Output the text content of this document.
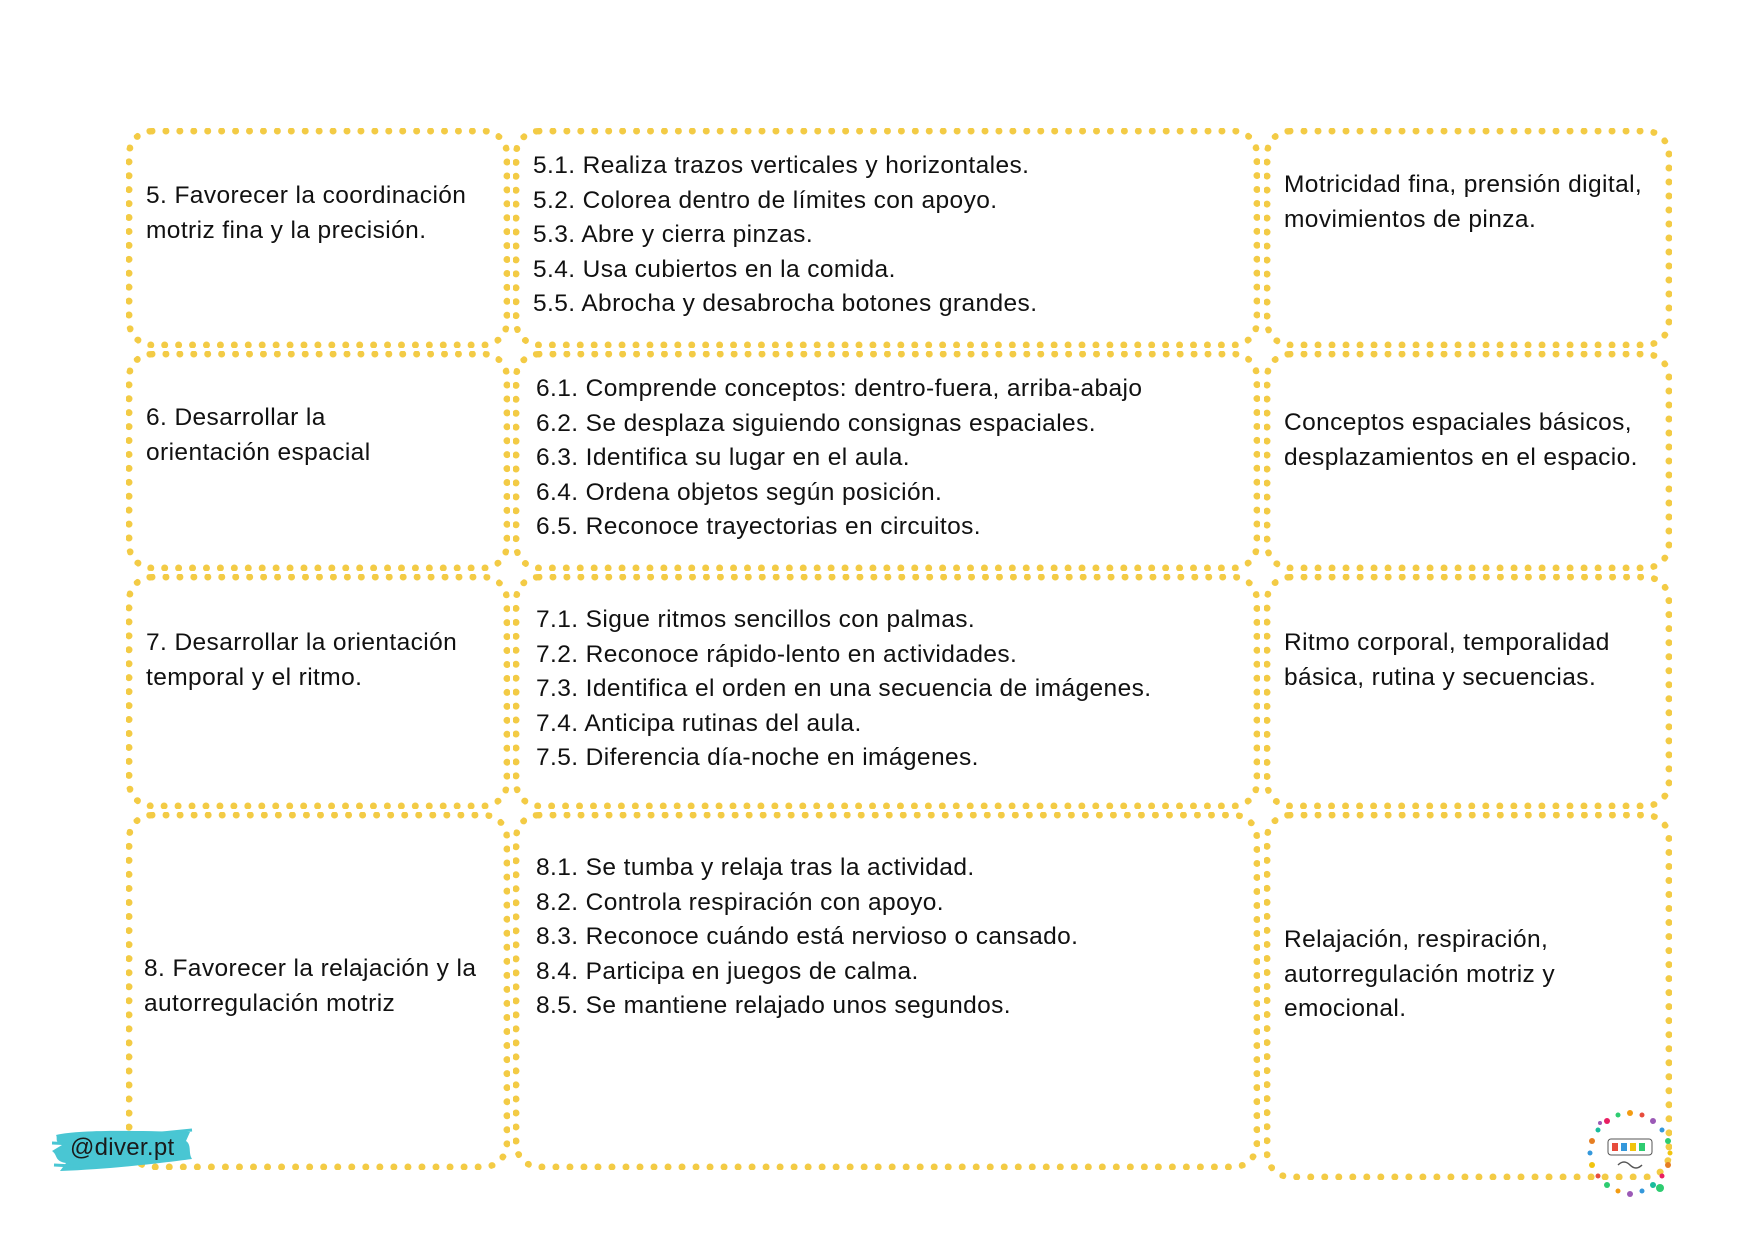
5. Favorecer la coordinación motriz fina y la precisión.
5.1. Realiza trazos verticales y horizontales.
5.2. Colorea dentro de límites con apoyo.
5.3. Abre y cierra pinzas.
5.4. Usa cubiertos en la comida.
5.5. Abrocha y desabrocha botones grandes.
Motricidad fina, prensión digital, movimientos de pinza.
6. Desarrollar la orientación espacial
6.1. Comprende conceptos: dentro-fuera, arriba-abajo
6.2. Se desplaza siguiendo consignas espaciales.
6.3. Identifica su lugar en el aula.
6.4. Ordena objetos según posición.
6.5. Reconoce trayectorias en circuitos.
Conceptos espaciales básicos, desplazamientos en el espacio.
7. Desarrollar la orientación temporal y el ritmo.
7.1. Sigue ritmos sencillos con palmas.
7.2. Reconoce rápido-lento en actividades.
7.3. Identifica el orden en una secuencia de imágenes.
7.4. Anticipa rutinas del aula.
7.5. Diferencia día-noche en imágenes.
Ritmo corporal, temporalidad básica, rutina y secuencias.
8. Favorecer la relajación y la autorregulación motriz
8.1. Se tumba y relaja tras la actividad.
8.2. Controla respiración con apoyo.
8.3. Reconoce cuándo está nervioso o cansado.
8.4. Participa en juegos de calma.
8.5. Se mantiene relajado unos segundos.
Relajación, respiración, autorregulación motriz y emocional.
@diver.pt
